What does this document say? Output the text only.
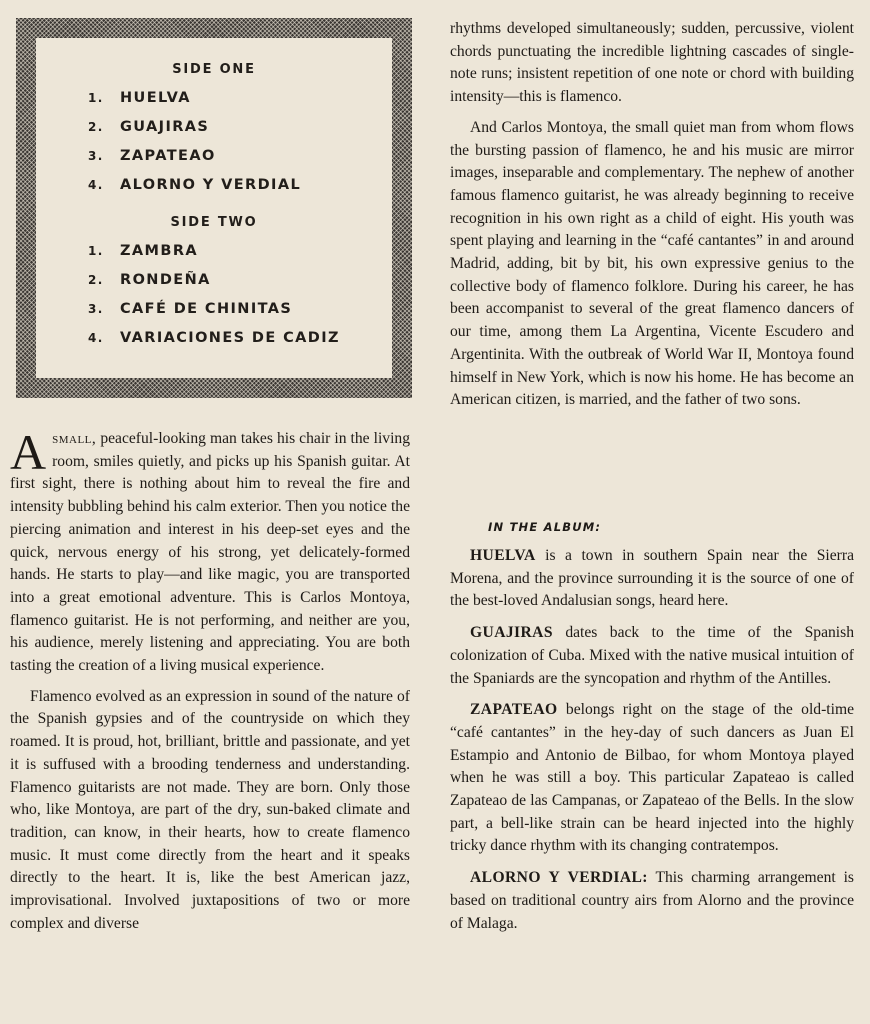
SIDE ONE
1.	HUELVA
2.	GUAJIRAS
3.	ZAPATEAO
4.	ALORNO Y VERDIAL
SIDE TWO
1.	ZAMBRA
2.	RONDEÑA
3.	CAFÉ DE CHINITAS
4.	VARIACIONES DE CADIZ

Asmall, peaceful-looking man takes his chair in the living room, smiles quietly, and picks up his Spanish guitar. At first sight, there is nothing about him to reveal the fire and intensity bubbling behind his calm exterior. Then you notice the piercing animation and interest in his deep-set eyes and the quick, nervous energy of his strong, yet delicately-formed hands. He starts to play—and like magic, you are transported into a great emotional adventure. This is Carlos Montoya, flamenco guitarist. He is not performing, and neither are you, his audience, merely listening and appreciating. You are both tasting the creation of a living musical experience.

Flamenco evolved as an expression in sound of the nature of the Spanish gypsies and of the countryside on which they roamed. It is proud, hot, brilliant, brittle and passionate, and yet it is suffused with a brooding tenderness and understanding. Flamenco guitarists are not made. They are born. Only those who, like Montoya, are part of the dry, sun-baked climate and tradition, can know, in their hearts, how to create flamenco music. It must come directly from the heart and it speaks directly to the heart. It is, like the best American jazz, improvisational. Involved juxtapositions of two or more complex and diverse

rhythms developed simultaneously; sudden, percussive, violent chords punctuating the incredible lightning cascades of single-note runs; insistent repetition of one note or chord with building intensity—this is flamenco.

And Carlos Montoya, the small quiet man from whom flows the bursting passion of flamenco, he and his music are mirror images, inseparable and complementary. The nephew of another famous flamenco guitarist, he was already beginning to receive recognition in his own right as a child of eight. His youth was spent playing and learning in the “café cantantes” in and around Madrid, adding, bit by bit, his own expressive genius to the collective body of flamenco folklore. During his career, he has been accompanist to several of the great flamenco dancers of our time, among them La Argentina, Vicente Escudero and Argentinita. With the outbreak of World War II, Montoya found himself in New York, which is now his home. He has become an American citizen, is married, and the father of two sons.

IN THE ALBUM:

HUELVA is a town in southern Spain near the Sierra Morena, and the province surrounding it is the source of one of the best-loved Andalusian songs, heard here.

GUAJIRAS dates back to the time of the Spanish colonization of Cuba. Mixed with the native musical intuition of the Spaniards are the syncopation and rhythm of the Antilles.

ZAPATEAO belongs right on the stage of the old-time “café cantantes” in the hey-day of such dancers as Juan El Estampio and Antonio de Bilbao, for whom Montoya played when he was still a boy. This particular Zapateao is called Zapateao de las Campanas, or Zapateao of the Bells. In the slow part, a bell-like strain can be heard injected into the highly tricky dance rhythm with its changing contratempos.

ALORNO Y VERDIAL: This charming arrangement is based on traditional country airs from Alorno and the province of Malaga.
